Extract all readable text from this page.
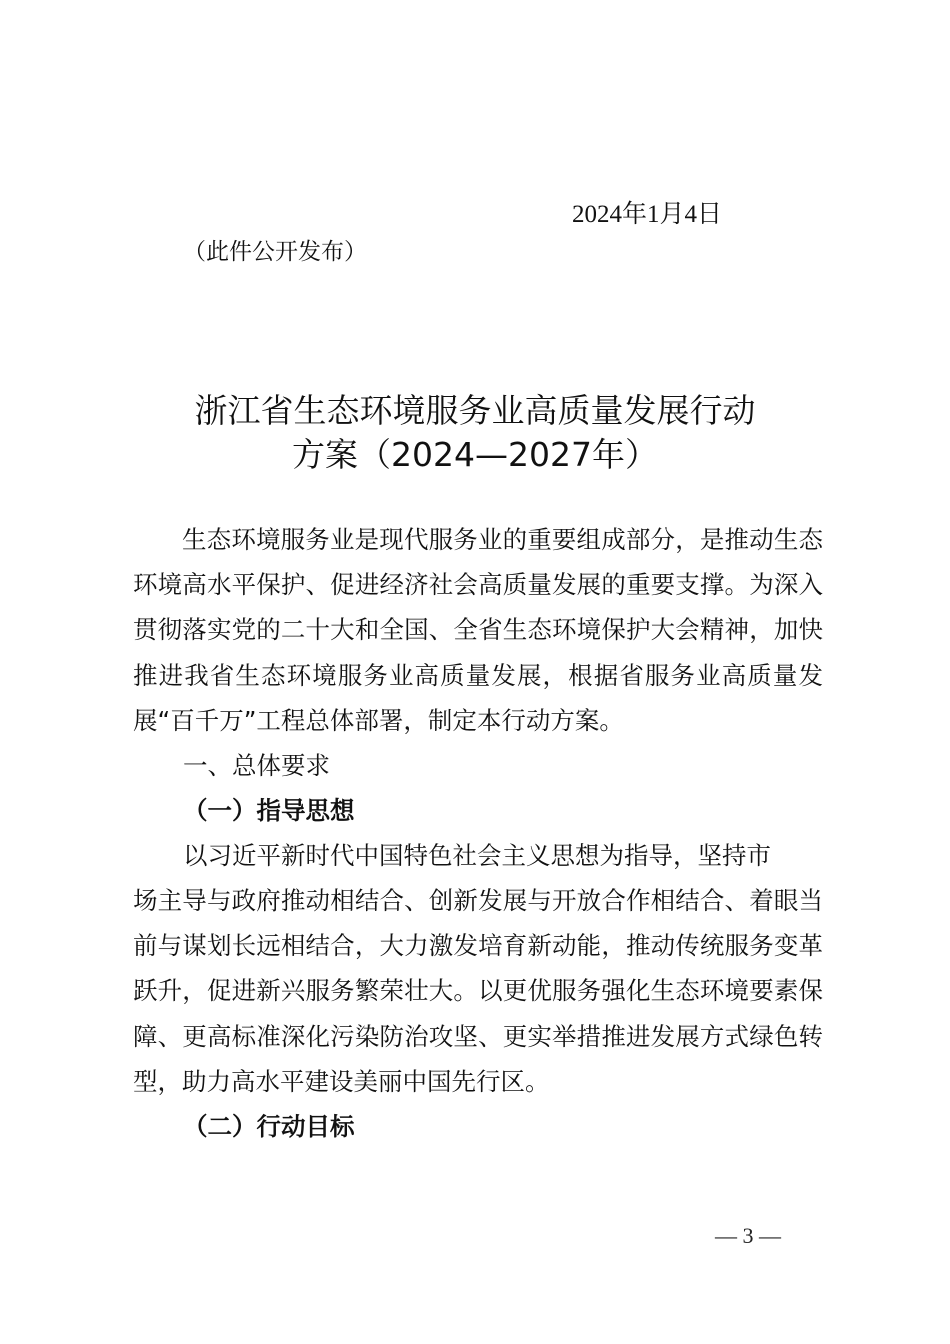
2024年1月4日
（此件公开发布）
浙江省生态环境服务业高质量发展行动
方案（2024—2027年）

生态环境服务业是现代服务业的重要组成部分，是推动生态环境高水平保护、促进经济社会高质量发展的重要支撑。为深入贯彻落实党的二十大和全国、全省生态环境保护大会精神，加快推进我省生态环境服务业高质量发展，根据省服务业高质量发展“百千万”工程总体部署，制定本行动方案。

一、总体要求
（一）指导思想
以习近平新时代中国特色社会主义思想为指导，坚持市

场主导与政府推动相结合、创新发展与开放合作相结合、着眼当前与谋划长远相结合，大力激发培育新动能，推动传统服务变革跃升，促进新兴服务繁荣壮大。以更优服务强化生态环境要素保障、更高标准深化污染防治攻坚、更实举措推进发展方式绿色转型，助力高水平建设美丽中国先行区。

（二）行动目标
— 3 —
